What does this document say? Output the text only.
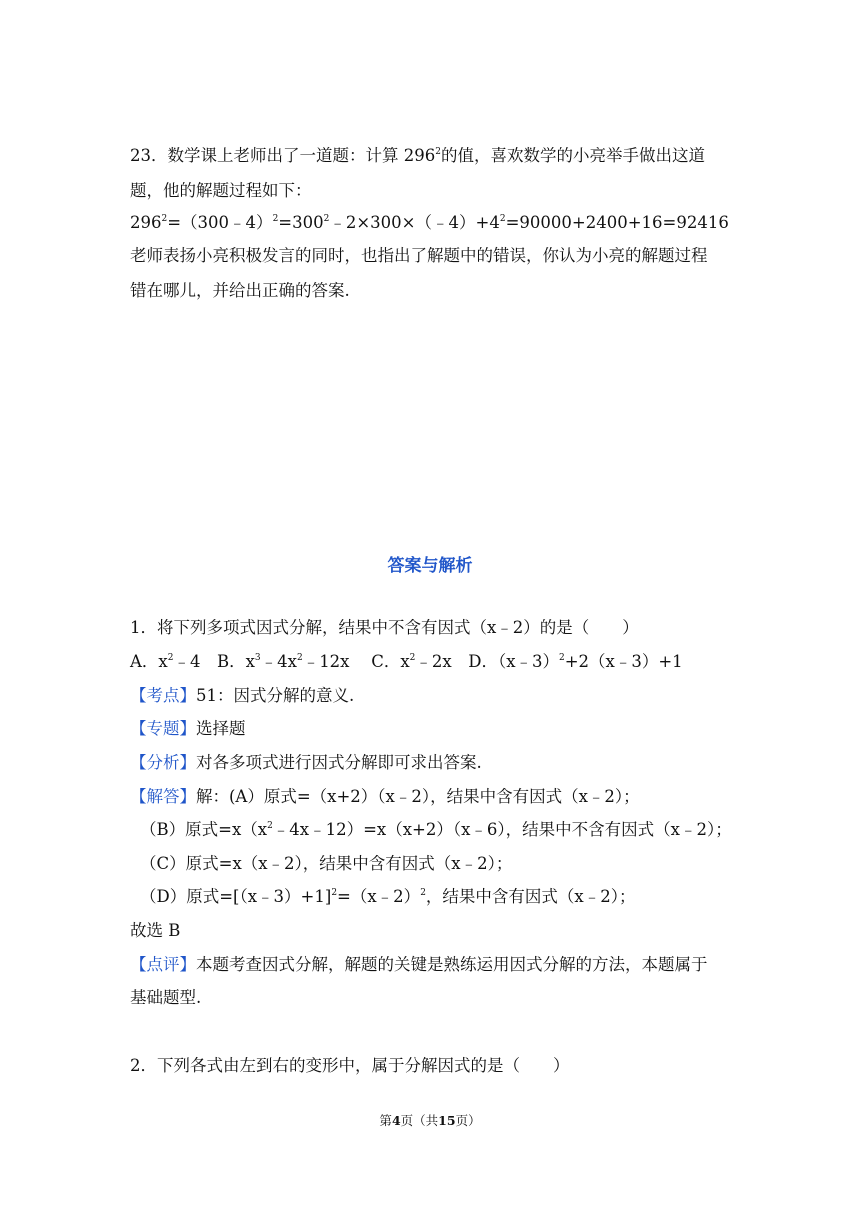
23．数学课上老师出了一道题：计算 $296^2$的值，喜欢数学的小亮举手做出这道
题，他的解题过程如下：
$296^2=(300﹣4)^2=300^2﹣2\times 300\times(﹣4)+4^2=90000+2400+16=92416$
老师表扬小亮积极发言的同时，也指出了解题中的错误，你认为小亮的解题过程
错在哪儿，并给出正确的答案.
答案与解析
1．将下列多项式因式分解，结果中不含有因式（x﹣2）的是（　　）
A．$x^2﹣4$　B．$x^3﹣4x^2﹣12x$　 C．$x^2﹣2x$　D．（x﹣3）$^2$+2（x﹣3）+1
【考点】51：因式分解的意义.
【专题】选择题
【分析】对各多项式进行因式分解即可求出答案.
【解答】解：(A）原式=（x+2）（x﹣2），结果中含有因式（x﹣2）；
（B）原式$=x(x^2﹣4x﹣12)=x(x+2)(x﹣6)$，结果中不含有因式（x﹣2）；
（C）原式=x（x﹣2），结果中含有因式（x﹣2）；
（D）原式=[（x﹣3）+1]$^2$=（x﹣2）$^2$，结果中含有因式（x﹣2）；
故选 B
【点评】本题考查因式分解，解题的关键是熟练运用因式分解的方法，本题属于
基础题型.
2．下列各式由左到右的变形中，属于分解因式的是（　　）
第4页（共15页）
